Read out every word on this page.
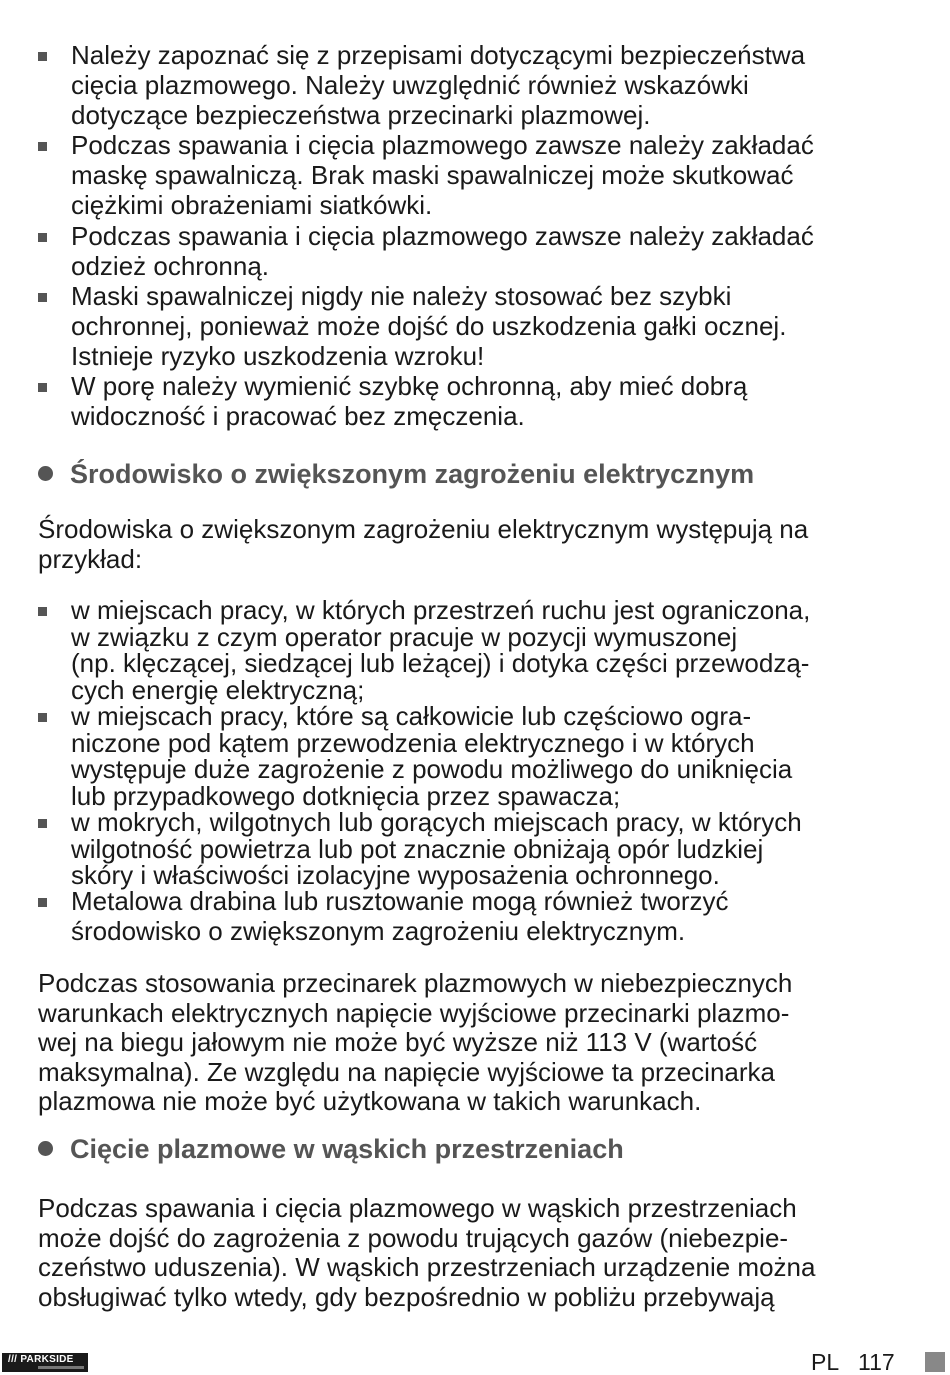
Należy zapoznać się z przepisami dotyczącymi bezpieczeństwa
cięcia plazmowego. Należy uwzględnić również wskazówki
dotyczące bezpieczeństwa przecinarki plazmowej.
Podczas spawania i cięcia plazmowego zawsze należy zakładać
maskę spawalniczą. Brak maski spawalniczej może skutkować
ciężkimi obrażeniami siatkówki.
Podczas spawania i cięcia plazmowego zawsze należy zakładać
odzież ochronną.
Maski spawalniczej nigdy nie należy stosować bez szybki
ochronnej, ponieważ może dojść do uszkodzenia gałki ocznej.
Istnieje ryzyko uszkodzenia wzroku!
W porę należy wymienić szybkę ochronną, aby mieć dobrą
widoczność i pracować bez zmęczenia.
Środowisko o zwiększonym zagrożeniu elektrycznym
Środowiska o zwiększonym zagrożeniu elektrycznym występują na
przykład:
w miejscach pracy, w których przestrzeń ruchu jest ograniczona,
w związku z czym operator pracuje w pozycji wymuszonej
(np. klęczącej, siedzącej lub leżącej) i dotyka części przewodzą-
cych energię elektryczną;
w miejscach pracy, które są całkowicie lub częściowo ogra-
niczone pod kątem przewodzenia elektrycznego i w których
występuje duże zagrożenie z powodu możliwego do uniknięcia
lub przypadkowego dotknięcia przez spawacza;
w mokrych, wilgotnych lub gorących miejscach pracy, w których
wilgotność powietrza lub pot znacznie obniżają opór ludzkiej
skóry i właściwości izolacyjne wyposażenia ochronnego.
Metalowa drabina lub rusztowanie mogą również tworzyć
środowisko o zwiększonym zagrożeniu elektrycznym.
Podczas stosowania przecinarek plazmowych w niebezpiecznych
warunkach elektrycznych napięcie wyjściowe przecinarki plazmo-
wej na biegu jałowym nie może być wyższe niż 113 V (wartość
maksymalna). Ze względu na napięcie wyjściowe ta przecinarka
plazmowa nie może być użytkowana w takich warunkach.
Cięcie plazmowe w wąskich przestrzeniach
Podczas spawania i cięcia plazmowego w wąskich przestrzeniach
może dojść do zagrożenia z powodu trujących gazów (niebezpie-
czeństwo uduszenia). W wąskich przestrzeniach urządzenie można
obsługiwać tylko wtedy, gdy bezpośrednio w pobliżu przebywają
/// PARKSIDE	PL 117
